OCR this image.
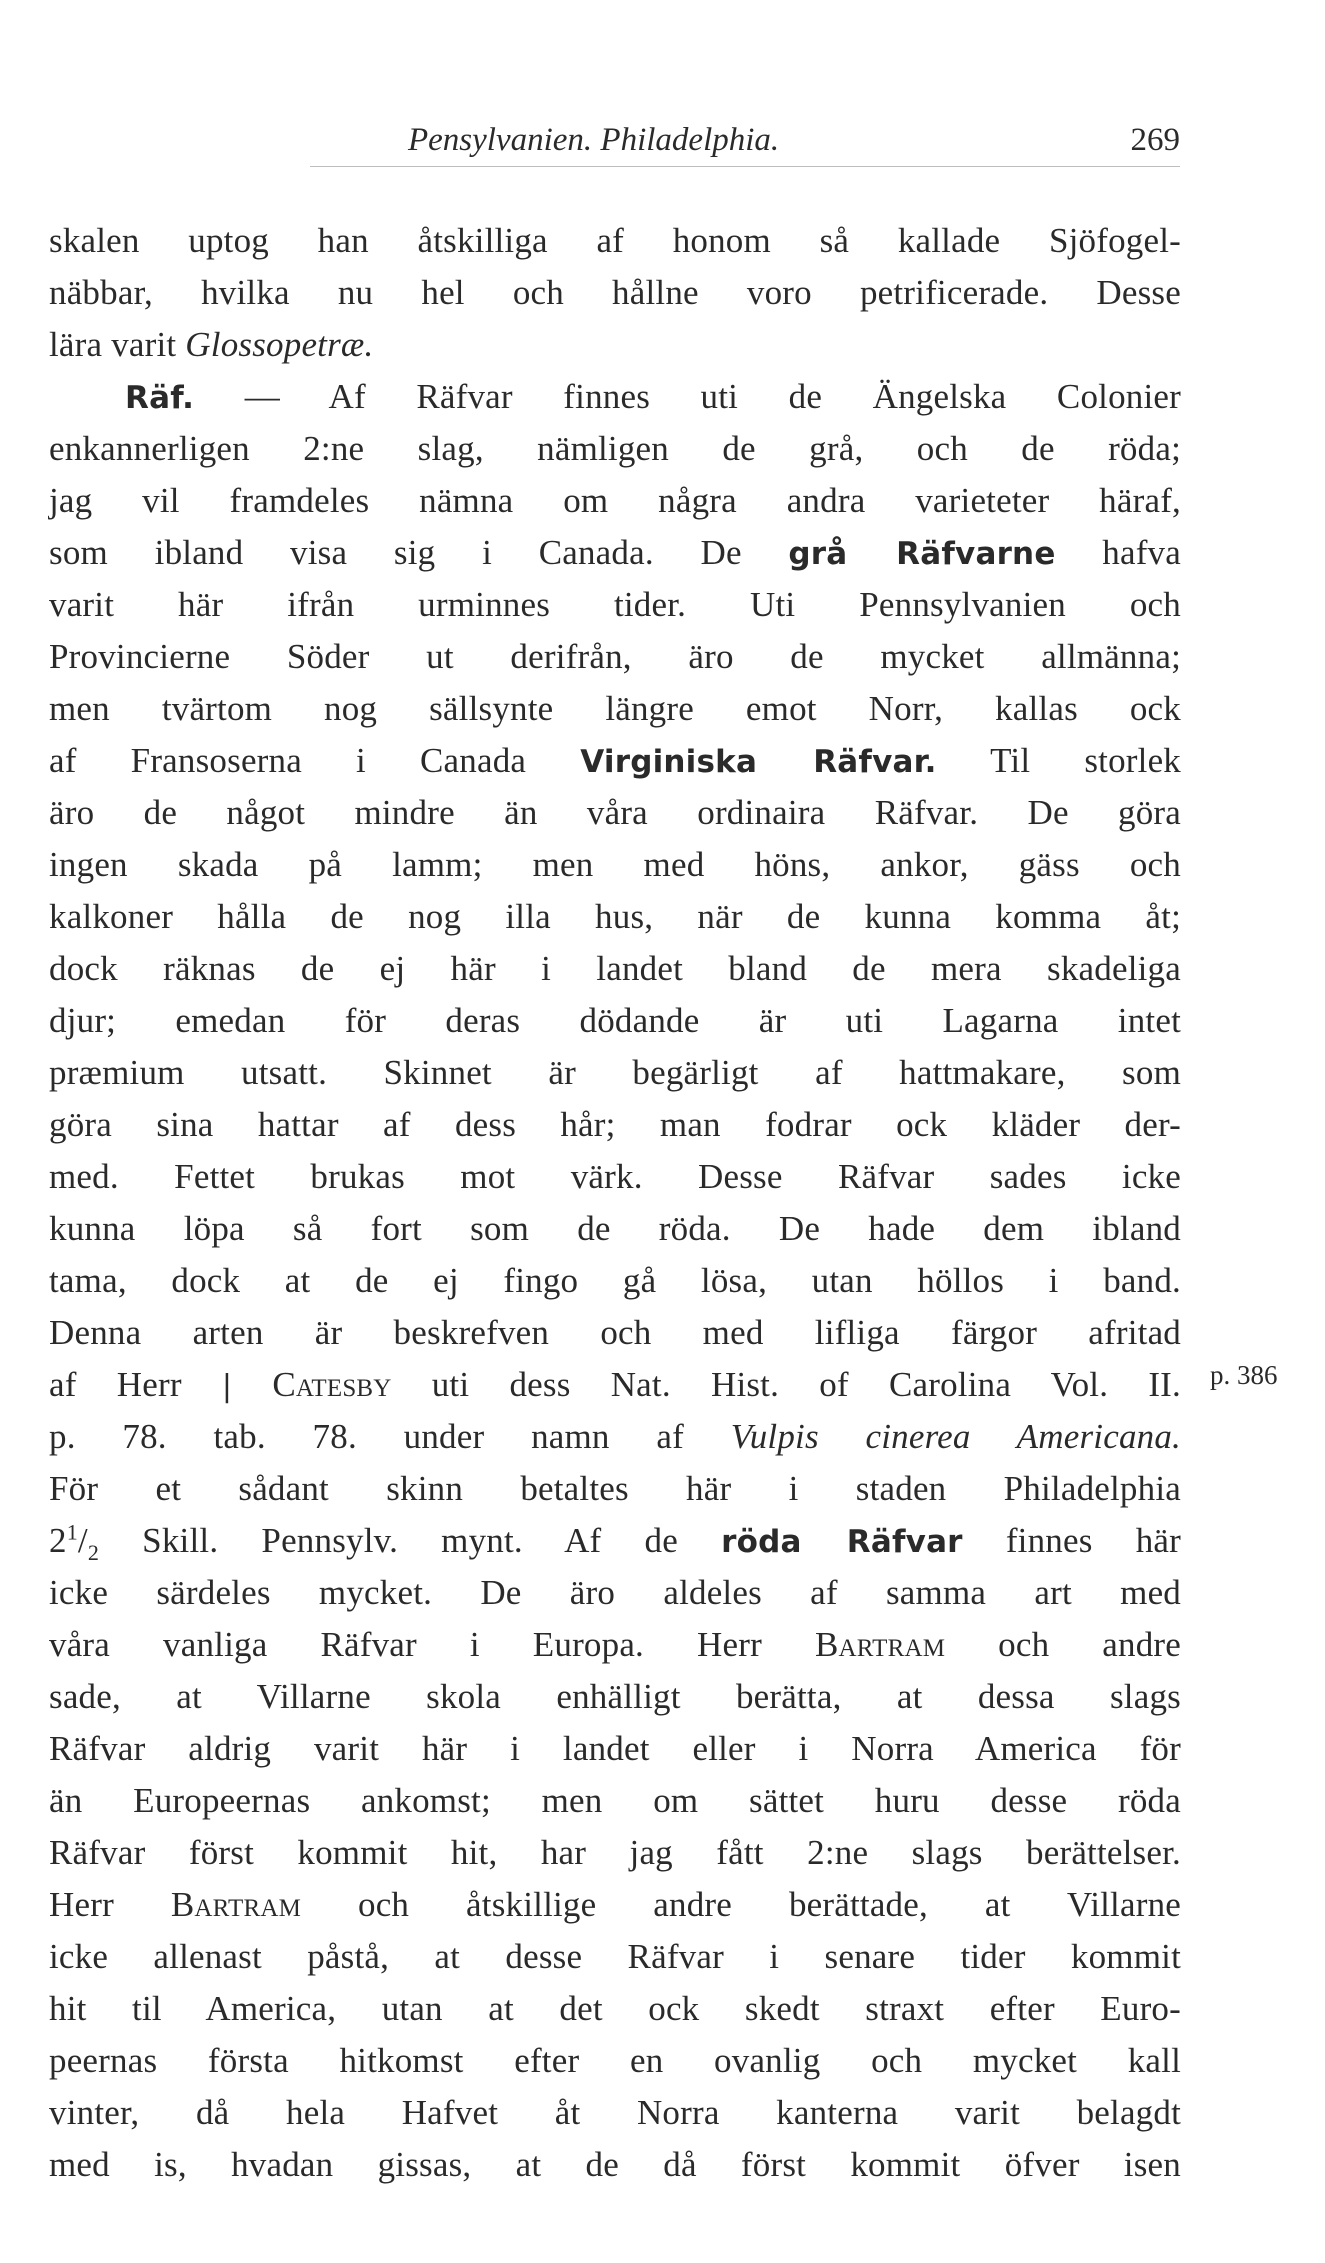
Pensylvanien. Philadelphia.	269
p. 386
skalen uptog han åtskilliga af honom så kallade Sjöfogel-
näbbar, hvilka nu hel och hållne voro petrificerade. Desse
lära varit Glossopetræ.
Räf. — Af Räfvar finnes uti de Ängelska Colonier
enkannerligen 2:ne slag, nämligen de grå, och de röda;
jag vil framdeles nämna om några andra varieteter häraf,
som ibland visa sig i Canada. De grå Räfvarne hafva
varit här ifrån urminnes tider. Uti Pennsylvanien och
Provincierne Söder ut derifrån, äro de mycket allmänna;
men tvärtom nog sällsynte längre emot Norr, kallas ock
af Fransoserna i Canada Virginiska Räfvar. Til storlek
äro de något mindre än våra ordinaira Räfvar. De göra
ingen skada på lamm; men med höns, ankor, gäss och
kalkoner hålla de nog illa hus, när de kunna komma åt;
dock räknas de ej här i landet bland de mera skadeliga
djur; emedan för deras dödande är uti Lagarna intet
præmium utsatt. Skinnet är begärligt af hattmakare, som
göra sina hattar af dess hår; man fodrar ock kläder der-
med. Fettet brukas mot värk. Desse Räfvar sades icke
kunna löpa så fort som de röda. De hade dem ibland
tama, dock at de ej fingo gå lösa, utan höllos i band.
Denna arten är beskrefven och med lifliga färgor afritad
af Herr | Catesby uti dess Nat. Hist. of Carolina Vol. II.
p. 78. tab. 78. under namn af Vulpis cinerea Americana.
För et sådant skinn betaltes här i staden Philadelphia
$2^1/_2$ Skill. Pennsylv. mynt. Af de röda Räfvar finnes här
icke särdeles mycket. De äro aldeles af samma art med
våra vanliga Räfvar i Europa. Herr Bartram och andre
sade, at Villarne skola enhälligt berätta, at dessa slags
Räfvar aldrig varit här i landet eller i Norra America för
än Europeernas ankomst; men om sättet huru desse röda
Räfvar först kommit hit, har jag fått 2:ne slags berättelser.
Herr Bartram och åtskillige andre berättade, at Villarne
icke allenast påstå, at desse Räfvar i senare tider kommit
hit til America, utan at det ock skedt straxt efter Euro-
peernas första hitkomst efter en ovanlig och mycket kall
vinter, då hela Hafvet åt Norra kanterna varit belagdt
med is, hvadan gissas, at de då först kommit öfver isen
